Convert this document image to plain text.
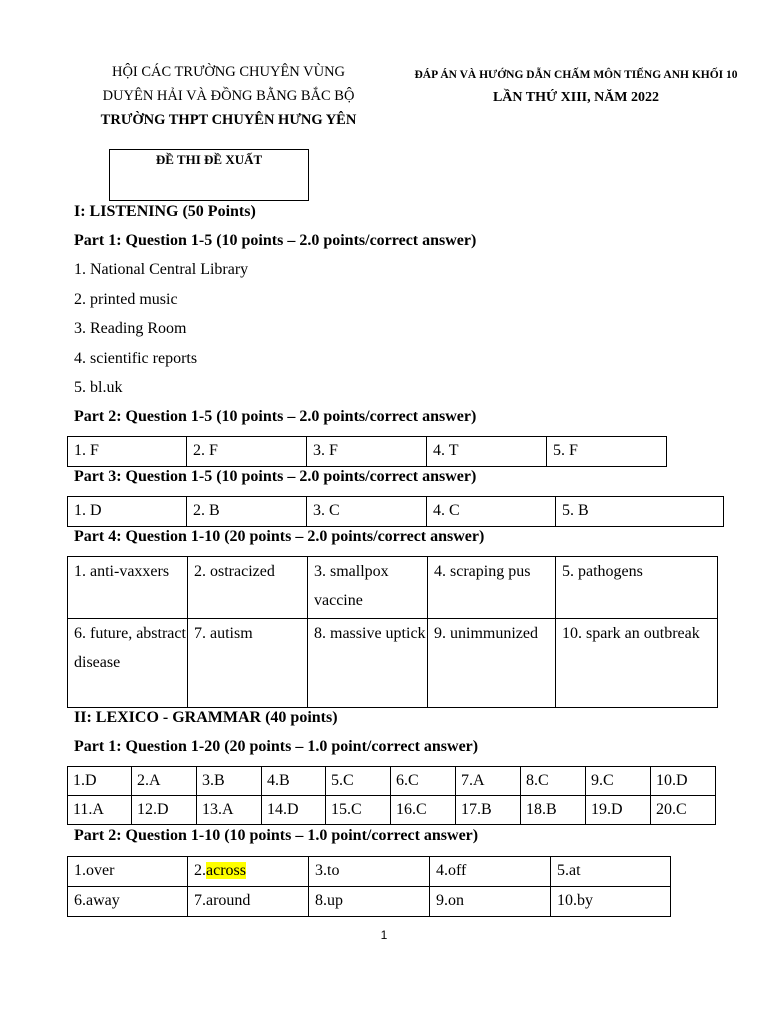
HỘI CÁC TRƯỜNG CHUYÊN VÙNG
DUYÊN HẢI VÀ ĐỒNG BẰNG BẮC BỘ
TRƯỜNG THPT CHUYÊN HƯNG YÊN
ĐÁP ÁN VÀ HƯỚNG DẪN CHẤM MÔN TIẾNG ANH KHỐI 10
LẦN THỨ XIII, NĂM 2022
ĐỀ THI ĐỀ XUẤT
I: LISTENING (50 Points)
Part 1: Question 1-5 (10 points – 2.0 points/correct answer)
1. National Central Library
2. printed music
3. Reading Room
4. scientific reports
5. bl.uk
Part 2: Question 1-5 (10 points – 2.0 points/correct answer)
1. F	2. F	3. F	4. T	5. F
Part 3: Question 1-5 (10 points – 2.0 points/correct answer)
1. D	2. B	3. C	4. C	5. B
Part 4: Question 1-10 (20 points – 2.0 points/correct answer)
1. anti-vaxxers	2. ostracized	3. smallpox vaccine	4. scraping pus	5. pathogens
6. future, abstract disease	7. autism	8. massive uptick	9. unimmunized	10. spark an outbreak
II: LEXICO - GRAMMAR (40 points)
Part 1: Question 1-20 (20 points – 1.0 point/correct answer)
1.D	2.A	3.B	4.B	5.C	6.C	7.A	8.C	9.C	10.D
11.A	12.D	13.A	14.D	15.C	16.C	17.B	18.B	19.D	20.C
Part 2: Question 1-10 (10 points – 1.0 point/correct answer)
1.over	2.across	3.to	4.off	5.at
6.away	7.around	8.up	9.on	10.by
1
